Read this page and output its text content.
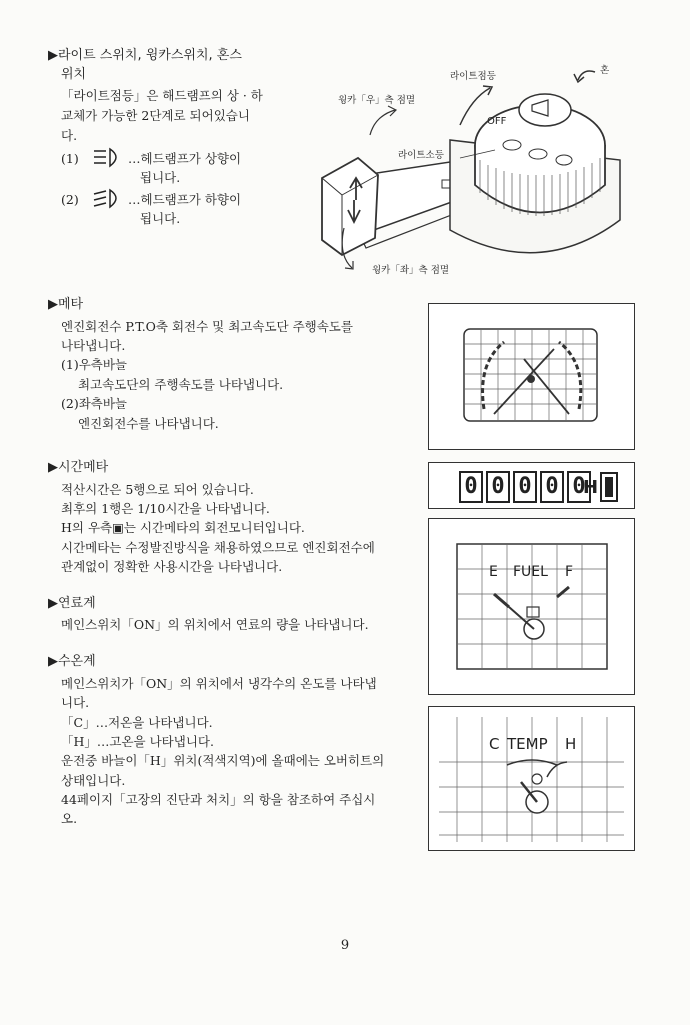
▶라이트 스위치, 윙카스위치, 혼스
위치
「라이트점등」은 해드램프의 상 · 하
교체가 가능한 2단계로 되어있습니
다.
(1)	…헤드램프가 상향이
됩니다.
(2)	…헤드램프가 하향이
됩니다.
혼
라이트점등
윙카「우」측 점멸
라이트소등
윙카「좌」측 점멸
OFF
▶메타
엔진회전수 P.T.O축 회전수 및 최고속도단 주행속도를
나타냅니다.
(1)우측바늘
최고속도단의 주행속도를 나타냅니다.
(2)좌측바늘
엔진회전수를 나타냅니다.
▶시간메타
적산시간은 5행으로 되어 있습니다.
최후의 1행은 1/10시간을 나타냅니다.
H의 우측▣는 시간메타의 회전모니터입니다.
시간메타는 수정발진방식을 채용하였으므로 엔진회전수에
관계없이 정확한 사용시간을 나타냅니다.
0 0 0 0 0
H
▶연료계
메인스위치「ON」의 위치에서 연료의 량을 나타냅니다.
E FUEL F
▶수온계
메인스위치가「ON」의 위치에서 냉각수의 온도를 나타냅
니다.
「C」…저온을 나타냅니다.
「H」…고온을 나타냅니다.
운전중 바늘이「H」위치(적색지역)에 올때에는 오버히트의
상태입니다.
44페이지「고장의 진단과 처치」의 항을 참조하여 주십시
오.
C TEMP H
9
